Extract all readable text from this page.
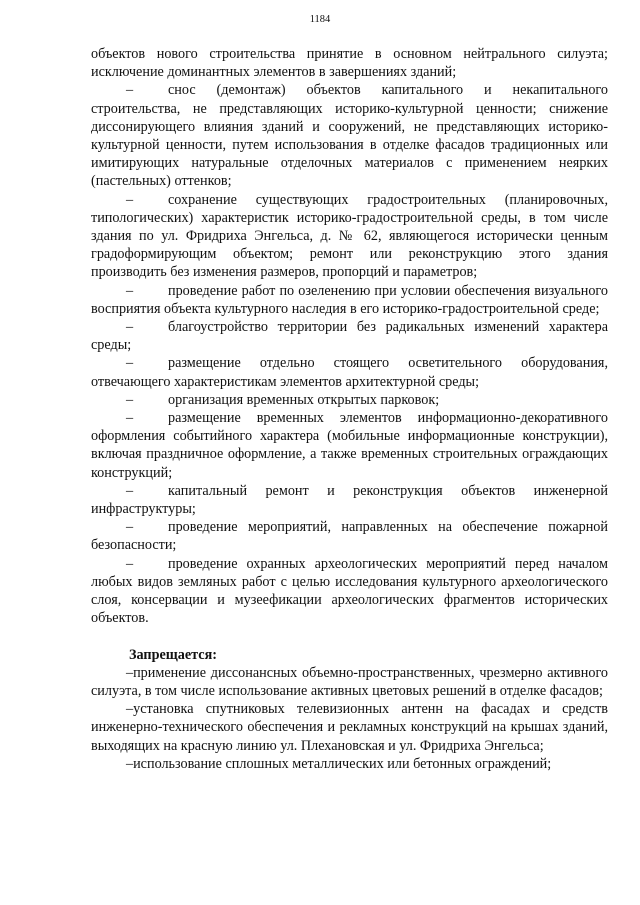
1184

объектов нового строительства принятие в основном нейтрального силуэта; исключение доминантных элементов в завершениях зданий;

– снос (демонтаж) объектов капитального и некапитального строительства, не представляющих историко-культурной ценности; снижение диссонирующего влияния зданий и сооружений, не представляющих историко-культурной ценности, путем использования в отделке фасадов традиционных или имитирующих натуральные отделочных материалов с применением неярких (пастельных) оттенков;

– сохранение существующих градостроительных (планировочных, типологических) характеристик историко-градостроительной среды, в том числе здания по ул. Фридриха Энгельса, д. № 62, являющегося исторически ценным градоформирующим объектом; ремонт или реконструкцию этого здания производить без изменения размеров, пропорций и параметров;

– проведение работ по озеленению при условии обеспечения визуального восприятия объекта культурного наследия в его историко-градостроительной среде;

– благоустройство территории без радикальных изменений характера среды;

– размещение отдельно стоящего осветительного оборудования, отвечающего характеристикам элементов архитектурной среды;

– организация временных открытых парковок;

– размещение временных элементов информационно-декоративного оформления событийного характера (мобильные информационные конструкции), включая праздничное оформление, а также временных строительных ограждающих конструкций;

– капитальный ремонт и реконструкция объектов инженерной инфраструктуры;

– проведение мероприятий, направленных на обеспечение пожарной безопасности;

– проведение охранных археологических мероприятий перед началом любых видов земляных работ с целью исследования культурного археологического слоя, консервации и музеефикации археологических фрагментов исторических объектов.

Запрещается:

–применение диссонансных объемно-пространственных, чрезмерно активного силуэта, в том числе использование активных цветовых решений в отделке фасадов;

–установка спутниковых телевизионных антенн на фасадах и средств инженерно-технического обеспечения и рекламных конструкций на крышах зданий, выходящих на красную линию ул. Плехановская и ул. Фридриха Энгельса;

–использование сплошных металлических или бетонных ограждений;
